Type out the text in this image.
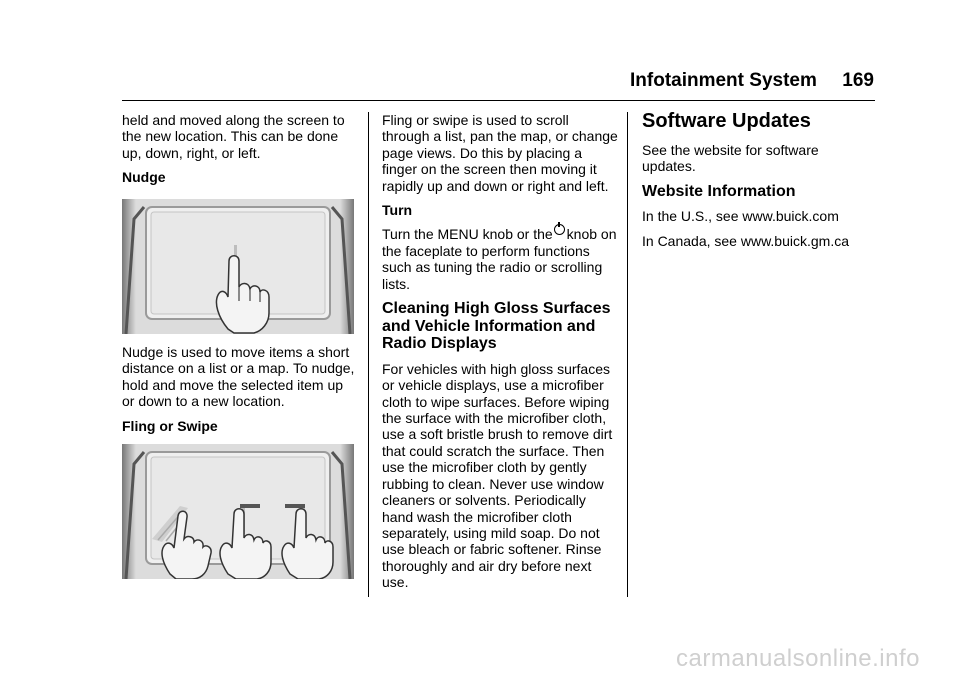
Infotainment System	169

held and moved along the screen to the new location. This can be done up, down, right, or left.

Nudge

Nudge is used to move items a short distance on a list or a map. To nudge, hold and move the selected item up or down to a new location.

Fling or Swipe

Fling or swipe is used to scroll through a list, pan the map, or change page views. Do this by placing a finger on the screen then moving it rapidly up and down or right and left.

Turn

Turn the MENU knob or the knob on the faceplate to perform functions such as tuning the radio or scrolling lists.

Cleaning High Gloss Surfaces and Vehicle Information and Radio Displays

For vehicles with high gloss surfaces or vehicle displays, use a microfiber cloth to wipe surfaces. Before wiping the surface with the microfiber cloth, use a soft bristle brush to remove dirt that could scratch the surface. Then use the microfiber cloth by gently rubbing to clean. Never use window cleaners or solvents. Periodically hand wash the microfiber cloth separately, using mild soap. Do not use bleach or fabric softener. Rinse thoroughly and air dry before next use.

Software Updates

See the website for software updates.

Website Information

In the U.S., see www.buick.com

In Canada, see www.buick.gm.ca

carmanualsonline.info
